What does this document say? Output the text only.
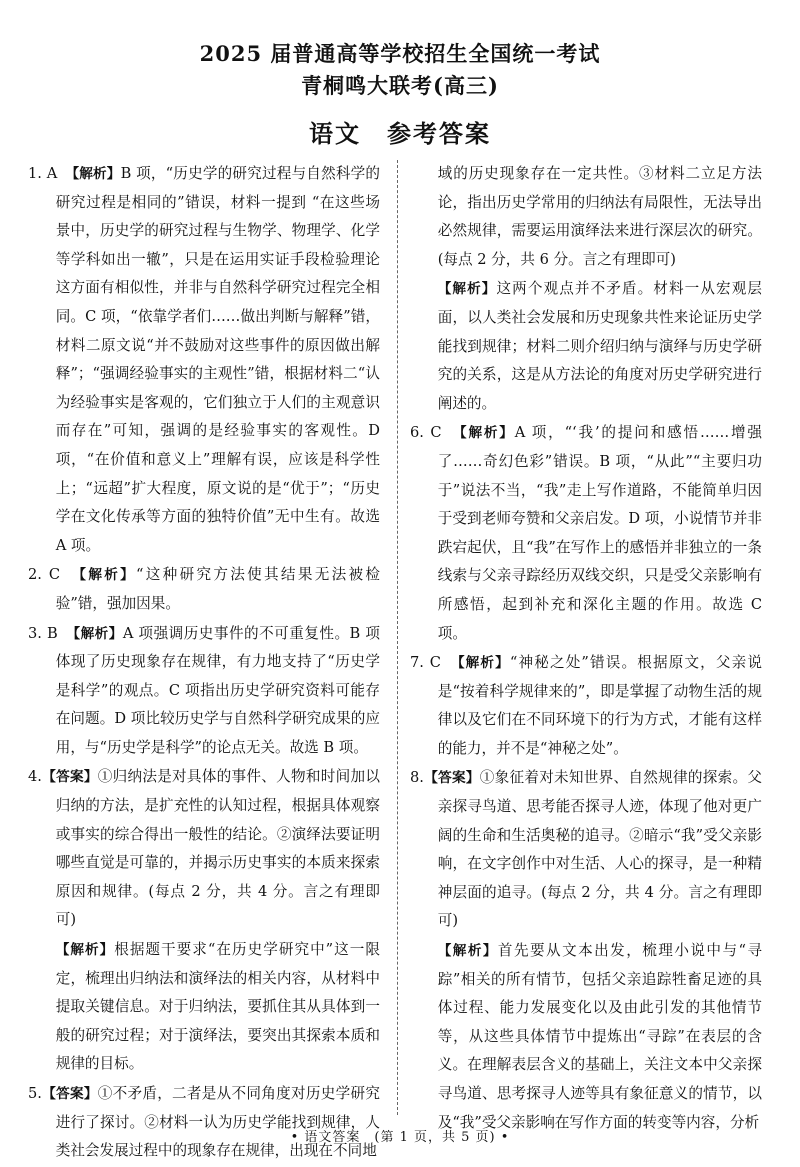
2025 届普通高等学校招生全国统一考试
青桐鸣大联考(高三)
语文　参考答案
1. A　【解析】B 项，“历史学的研究过程与自然科学的研究过程是相同的”错误，材料一提到 “在这些场景中，历史学的研究过程与生物学、物理学、化学等学科如出一辙”，只是在运用实证手段检验理论这方面有相似性，并非与自然科学研究过程完全相同。C 项，“依靠学者们……做出判断与解释”错，材料二原文说“并不鼓励对这些事件的原因做出解释”；“强调经验事实的主观性”错，根据材料二“认为经验事实是客观的，它们独立于人们的主观意识而存在”可知，强调的是经验事实的客观性。D 项，“在价值和意义上”理解有误，应该是科学性上；“远超”扩大程度，原文说的是“优于”；“历史学在文化传承等方面的独特价值”无中生有。故选 A 项。
2. C　【解析】“这种研究方法使其结果无法被检验”错，强加因果。
3. B　【解析】A 项强调历史事件的不可重复性。B 项体现了历史现象存在规律，有力地支持了“历史学是科学”的观点。C 项指出历史学研究资料可能存在问题。D 项比较历史学与自然科学研究成果的应用，与“历史学是科学”的论点无关。故选 B 项。
4.【答案】①归纳法是对具体的事件、人物和时间加以归纳的方法，是扩充性的认知过程，根据具体观察或事实的综合得出一般性的结论。②演绎法要证明哪些直觉是可靠的，并揭示历史事实的本质来探索原因和规律。(每点 2 分，共 4 分。言之有理即可)
【解析】根据题干要求“在历史学研究中”这一限定，梳理出归纳法和演绎法的相关内容，从材料中提取关键信息。对于归纳法，要抓住其从具体到一般的研究过程；对于演绎法，要突出其探索本质和规律的目标。
5.【答案】①不矛盾，二者是从不同角度对历史学研究进行了探讨。②材料一认为历史学能找到规律，人类社会发展过程中的现象存在规律，出现在不同地
域的历史现象存在一定共性。③材料二立足方法论，指出历史学常用的归纳法有局限性，无法导出必然规律，需要运用演绎法来进行深层次的研究。(每点 2 分，共 6 分。言之有理即可)
【解析】这两个观点并不矛盾。材料一从宏观层面，以人类社会发展和历史现象共性来论证历史学能找到规律；材料二则介绍归纳与演绎与历史学研究的关系，这是从方法论的角度对历史学研究进行阐述的。
6. C　【解析】A 项，“‘我’的提问和感悟……增强了……奇幻色彩”错误。B 项，“从此”“主要归功于”说法不当，“我”走上写作道路，不能简单归因于受到老师夸赞和父亲启发。D 项，小说情节并非跌宕起伏，且“我”在写作上的感悟并非独立的一条线索与父亲寻踪经历双线交织，只是受父亲影响有所感悟，起到补充和深化主题的作用。故选 C 项。
7. C　【解析】“神秘之处”错误。根据原文，父亲说是“按着科学规律来的”，即是掌握了动物生活的规律以及它们在不同环境下的行为方式，才能有这样的能力，并不是“神秘之处”。
8.【答案】①象征着对未知世界、自然规律的探索。父亲探寻鸟道、思考能否探寻人迹，体现了他对更广阔的生命和生活奥秘的追寻。②暗示“我”受父亲影响，在文字创作中对生活、人心的探寻，是一种精神层面的追寻。(每点 2 分，共 4 分。言之有理即可)
【解析】首先要从文本出发，梳理小说中与“寻踪”相关的所有情节，包括父亲追踪牲畜足迹的具体过程、能力发展变化以及由此引发的其他情节等，从这些具体情节中提炼出“寻踪”在表层的含义。在理解表层含义的基础上，关注文本中父亲探寻鸟道、思考探寻人迹等具有象征意义的情节，以及“我”受父亲影响在写作方面的转变等内容，分析
• 语文答案　(第 1 页，共 5 页) •
